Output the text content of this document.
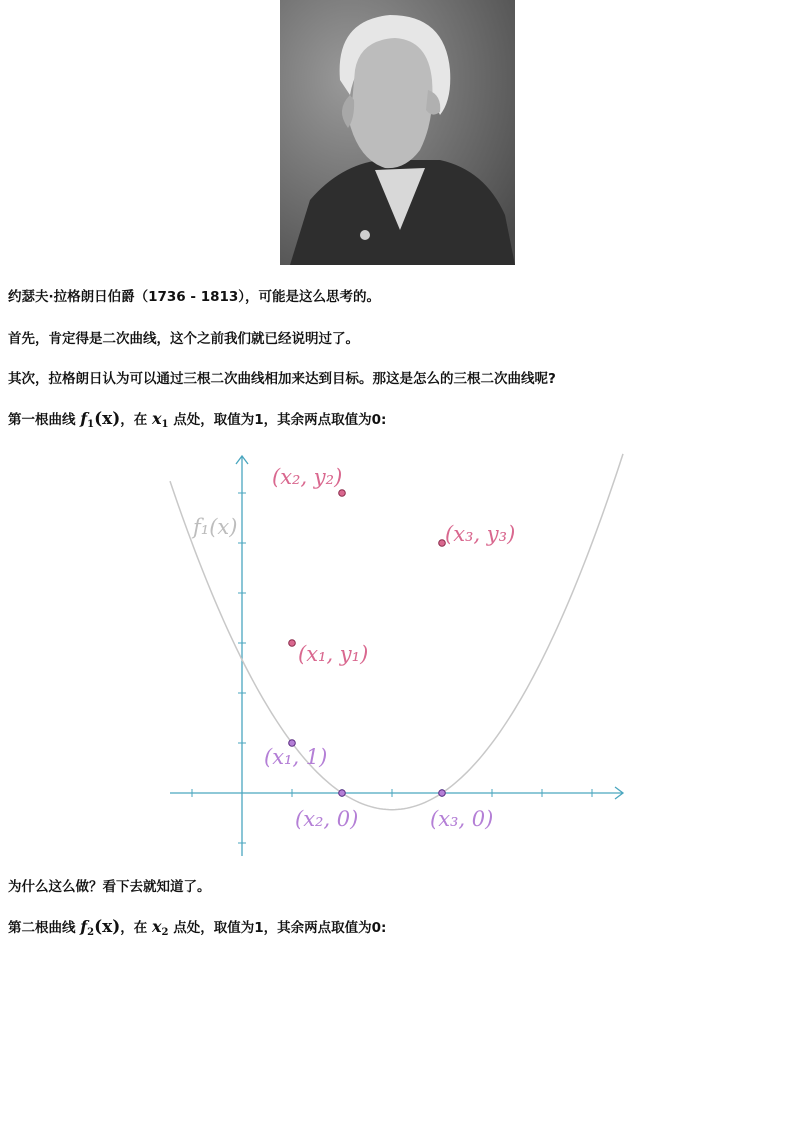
约瑟夫·拉格朗日伯爵（1736 - 1813），可能是这么思考的。

首先，肯定得是二次曲线，这个之前我们就已经说明过了。

其次，拉格朗日认为可以通过三根二次曲线相加来达到目标。那这是怎么的三根二次曲线呢?

第一根曲线 $f_1(x)$，在 $x_1$ 点处，取值为1，其余两点取值为0:

f₁(x)
(x₁, y₁)
(x₂, y₂)
(x₃, y₃)
(x₁, 1)
(x₂, 0)	(x₃, 0)

为什么这么做？看下去就知道了。

第二根曲线 $f_2(x)$，在 $x_2$ 点处，取值为1，其余两点取值为0:
